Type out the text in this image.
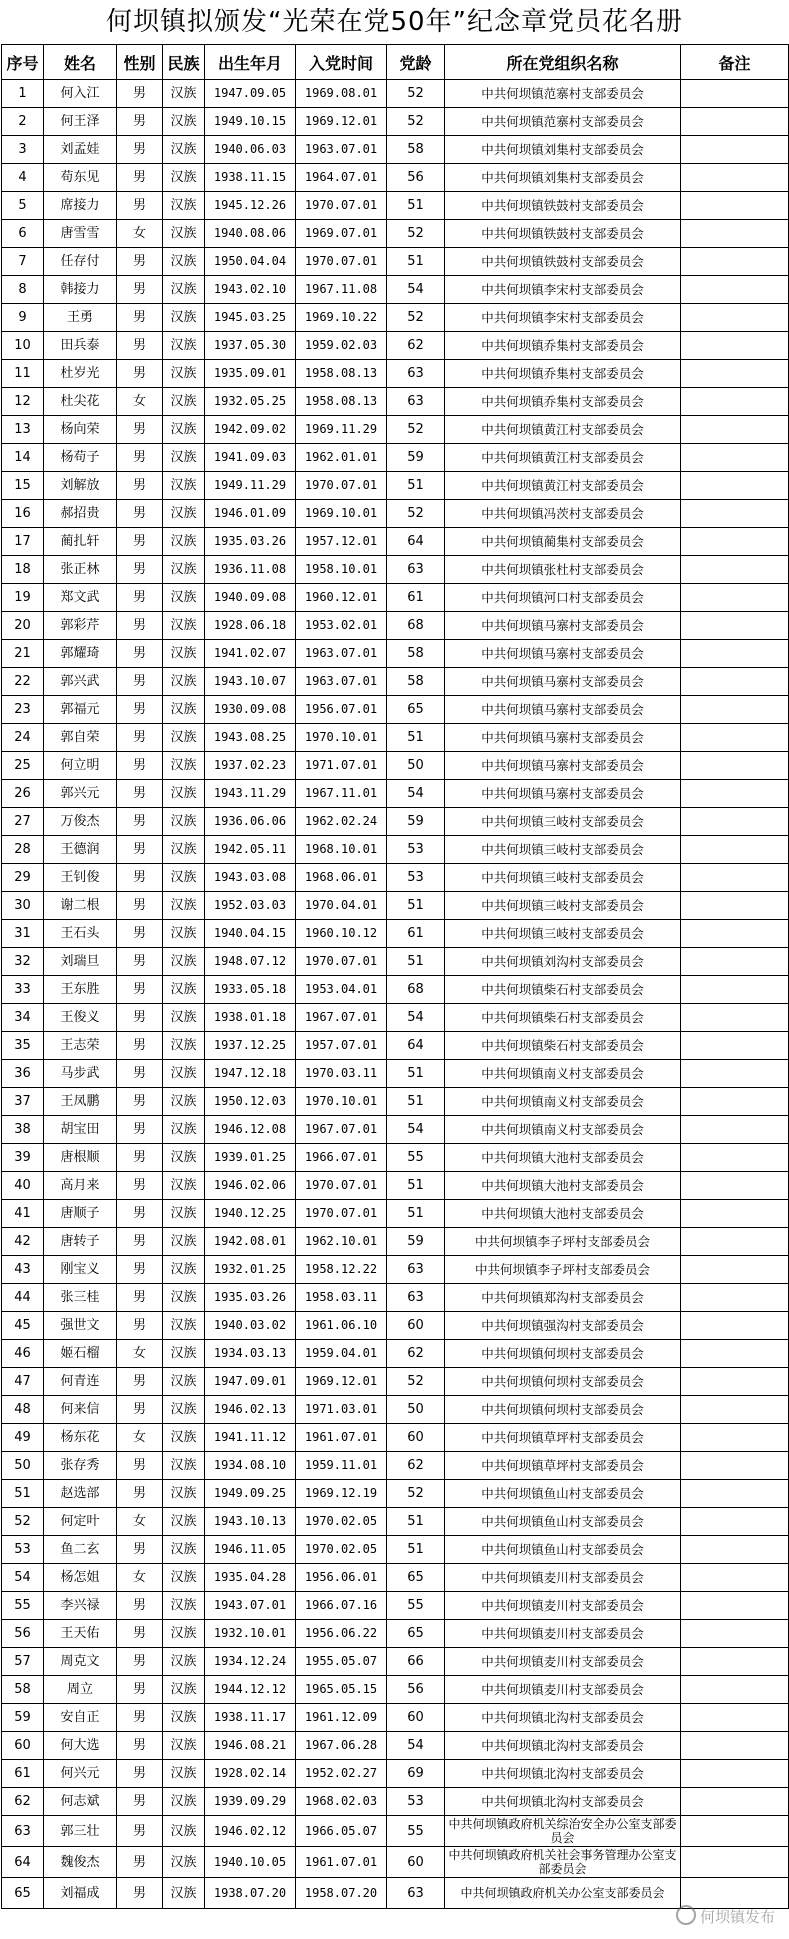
何坝镇拟颁发“光荣在党50年”纪念章党员花名册
序号	姓名	性别	民族	出生年月	入党时间	党龄	所在党组织名称	备注
1	何入江	男	汉族	1947.09.05	1969.08.01	52	中共何坝镇范寨村支部委员会	
2	何王泽	男	汉族	1949.10.15	1969.12.01	52	中共何坝镇范寨村支部委员会	
3	刘孟娃	男	汉族	1940.06.03	1963.07.01	58	中共何坝镇刘集村支部委员会	
4	苟东见	男	汉族	1938.11.15	1964.07.01	56	中共何坝镇刘集村支部委员会	
5	席接力	男	汉族	1945.12.26	1970.07.01	51	中共何坝镇铁鼓村支部委员会	
6	唐雪雪	女	汉族	1940.08.06	1969.07.01	52	中共何坝镇铁鼓村支部委员会	
7	任存付	男	汉族	1950.04.04	1970.07.01	51	中共何坝镇铁鼓村支部委员会	
8	韩接力	男	汉族	1943.02.10	1967.11.08	54	中共何坝镇李宋村支部委员会	
9	王勇	男	汉族	1945.03.25	1969.10.22	52	中共何坝镇李宋村支部委员会	
10	田兵泰	男	汉族	1937.05.30	1959.02.03	62	中共何坝镇乔集村支部委员会	
11	杜岁光	男	汉族	1935.09.01	1958.08.13	63	中共何坝镇乔集村支部委员会	
12	杜尖花	女	汉族	1932.05.25	1958.08.13	63	中共何坝镇乔集村支部委员会	
13	杨向荣	男	汉族	1942.09.02	1969.11.29	52	中共何坝镇黄江村支部委员会	
14	杨苟子	男	汉族	1941.09.03	1962.01.01	59	中共何坝镇黄江村支部委员会	
15	刘解放	男	汉族	1949.11.29	1970.07.01	51	中共何坝镇黄江村支部委员会	
16	郝招贵	男	汉族	1946.01.09	1969.10.01	52	中共何坝镇冯茨村支部委员会	
17	蔺扎轩	男	汉族	1935.03.26	1957.12.01	64	中共何坝镇蔺集村支部委员会	
18	张正林	男	汉族	1936.11.08	1958.10.01	63	中共何坝镇张杜村支部委员会	
19	郑文武	男	汉族	1940.09.08	1960.12.01	61	中共何坝镇河口村支部委员会	
20	郭彩芹	男	汉族	1928.06.18	1953.02.01	68	中共何坝镇马寨村支部委员会	
21	郭耀琦	男	汉族	1941.02.07	1963.07.01	58	中共何坝镇马寨村支部委员会	
22	郭兴武	男	汉族	1943.10.07	1963.07.01	58	中共何坝镇马寨村支部委员会	
23	郭福元	男	汉族	1930.09.08	1956.07.01	65	中共何坝镇马寨村支部委员会	
24	郭自荣	男	汉族	1943.08.25	1970.10.01	51	中共何坝镇马寨村支部委员会	
25	何立明	男	汉族	1937.02.23	1971.07.01	50	中共何坝镇马寨村支部委员会	
26	郭兴元	男	汉族	1943.11.29	1967.11.01	54	中共何坝镇马寨村支部委员会	
27	万俊杰	男	汉族	1936.06.06	1962.02.24	59	中共何坝镇三岐村支部委员会	
28	王德润	男	汉族	1942.05.11	1968.10.01	53	中共何坝镇三岐村支部委员会	
29	王钊俊	男	汉族	1943.03.08	1968.06.01	53	中共何坝镇三岐村支部委员会	
30	谢二根	男	汉族	1952.03.03	1970.04.01	51	中共何坝镇三岐村支部委员会	
31	王石头	男	汉族	1940.04.15	1960.10.12	61	中共何坝镇三岐村支部委员会	
32	刘瑞旦	男	汉族	1948.07.12	1970.07.01	51	中共何坝镇刘沟村支部委员会	
33	王东胜	男	汉族	1933.05.18	1953.04.01	68	中共何坝镇柴石村支部委员会	
34	王俊义	男	汉族	1938.01.18	1967.07.01	54	中共何坝镇柴石村支部委员会	
35	王志荣	男	汉族	1937.12.25	1957.07.01	64	中共何坝镇柴石村支部委员会	
36	马步武	男	汉族	1947.12.18	1970.03.11	51	中共何坝镇南义村支部委员会	
37	王凤鹏	男	汉族	1950.12.03	1970.10.01	51	中共何坝镇南义村支部委员会	
38	胡宝田	男	汉族	1946.12.08	1967.07.01	54	中共何坝镇南义村支部委员会	
39	唐根顺	男	汉族	1939.01.25	1966.07.01	55	中共何坝镇大池村支部委员会	
40	高月来	男	汉族	1946.02.06	1970.07.01	51	中共何坝镇大池村支部委员会	
41	唐顺子	男	汉族	1940.12.25	1970.07.01	51	中共何坝镇大池村支部委员会	
42	唐转子	男	汉族	1942.08.01	1962.10.01	59	中共何坝镇李子坪村支部委员会	
43	刚宝义	男	汉族	1932.01.25	1958.12.22	63	中共何坝镇李子坪村支部委员会	
44	张三桂	男	汉族	1935.03.26	1958.03.11	63	中共何坝镇郑沟村支部委员会	
45	强世文	男	汉族	1940.03.02	1961.06.10	60	中共何坝镇强沟村支部委员会	
46	姬石榴	女	汉族	1934.03.13	1959.04.01	62	中共何坝镇何坝村支部委员会	
47	何青连	男	汉族	1947.09.01	1969.12.01	52	中共何坝镇何坝村支部委员会	
48	何来信	男	汉族	1946.02.13	1971.03.01	50	中共何坝镇何坝村支部委员会	
49	杨东花	女	汉族	1941.11.12	1961.07.01	60	中共何坝镇草坪村支部委员会	
50	张存秀	男	汉族	1934.08.10	1959.11.01	62	中共何坝镇草坪村支部委员会	
51	赵选部	男	汉族	1949.09.25	1969.12.19	52	中共何坝镇鱼山村支部委员会	
52	何定叶	女	汉族	1943.10.13	1970.02.05	51	中共何坝镇鱼山村支部委员会	
53	鱼二玄	男	汉族	1946.11.05	1970.02.05	51	中共何坝镇鱼山村支部委员会	
54	杨怎姐	女	汉族	1935.04.28	1956.06.01	65	中共何坝镇麦川村支部委员会	
55	李兴禄	男	汉族	1943.07.01	1966.07.16	55	中共何坝镇麦川村支部委员会	
56	王天佑	男	汉族	1932.10.01	1956.06.22	65	中共何坝镇麦川村支部委员会	
57	周克文	男	汉族	1934.12.24	1955.05.07	66	中共何坝镇麦川村支部委员会	
58	周立	男	汉族	1944.12.12	1965.05.15	56	中共何坝镇麦川村支部委员会	
59	安自正	男	汉族	1938.11.17	1961.12.09	60	中共何坝镇北沟村支部委员会	
60	何大选	男	汉族	1946.08.21	1967.06.28	54	中共何坝镇北沟村支部委员会	
61	何兴元	男	汉族	1928.02.14	1952.02.27	69	中共何坝镇北沟村支部委员会	
62	何志斌	男	汉族	1939.09.29	1968.02.03	53	中共何坝镇北沟村支部委员会	
63	郭三壮	男	汉族	1946.02.12	1966.05.07	55	中共何坝镇政府机关综治安全办公室支部委员会	
64	魏俊杰	男	汉族	1940.10.05	1961.07.01	60	中共何坝镇政府机关社会事务管理办公室支部委员会	
65	刘福成	男	汉族	1938.07.20	1958.07.20	63	中共何坝镇政府机关办公室支部委员会	
何坝镇发布
